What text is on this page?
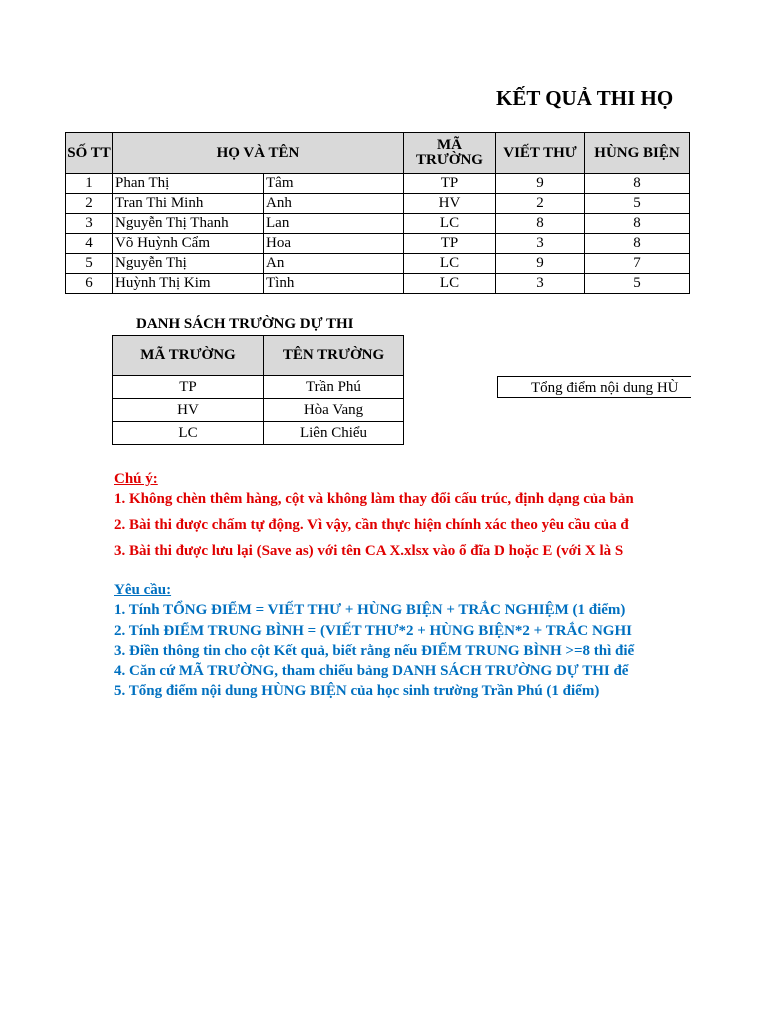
KẾT QUẢ THI HỌ
SỐ TT	HỌ VÀ TÊN		MÃ TRƯỜNG	VIẾT THƯ	HÙNG BIỆN
1	Phan Thị	Tâm	TP	9	8
2	Tran Thi Minh	Anh	HV	2	5
3	Nguyễn Thị Thanh	Lan	LC	8	8
4	Võ Huỳnh Cẩm	Hoa	TP	3	8
5	Nguyễn Thị	An	LC	9	7
6	Huỳnh Thị Kim	Tình	LC	3	5
DANH SÁCH TRƯỜNG DỰ THI
MÃ TRƯỜNG	TÊN TRƯỜNG
TP	Trần Phú
HV	Hòa Vang
LC	Liên Chiểu
Tổng điểm nội dung HÙ
Chú ý:
1. Không chèn thêm hàng, cột và không làm thay đổi cấu trúc, định dạng của bản
2. Bài thi được chấm tự động. Vì vậy, cần thực hiện chính xác theo yêu cầu của đ
3. Bài thi được lưu lại (Save as) với tên CA X.xlsx vào ổ đĩa D hoặc E (với X là S
Yêu cầu:
1. Tính TỔNG ĐIỂM = VIẾT THƯ + HÙNG BIỆN + TRẮC NGHIỆM (1 điểm)
2. Tính ĐIỂM TRUNG BÌNH = (VIẾT THƯ*2 + HÙNG BIỆN*2 + TRẮC NGHI
3. Điền thông tin cho cột Kết quả, biết rằng nếu ĐIỂM TRUNG BÌNH >=8 thì điể
4. Căn cứ MÃ TRƯỜNG, tham chiếu bảng DANH SÁCH TRƯỜNG DỰ THI để
5. Tổng điểm nội dung HÙNG BIỆN của học sinh trường Trần Phú (1 điểm)
